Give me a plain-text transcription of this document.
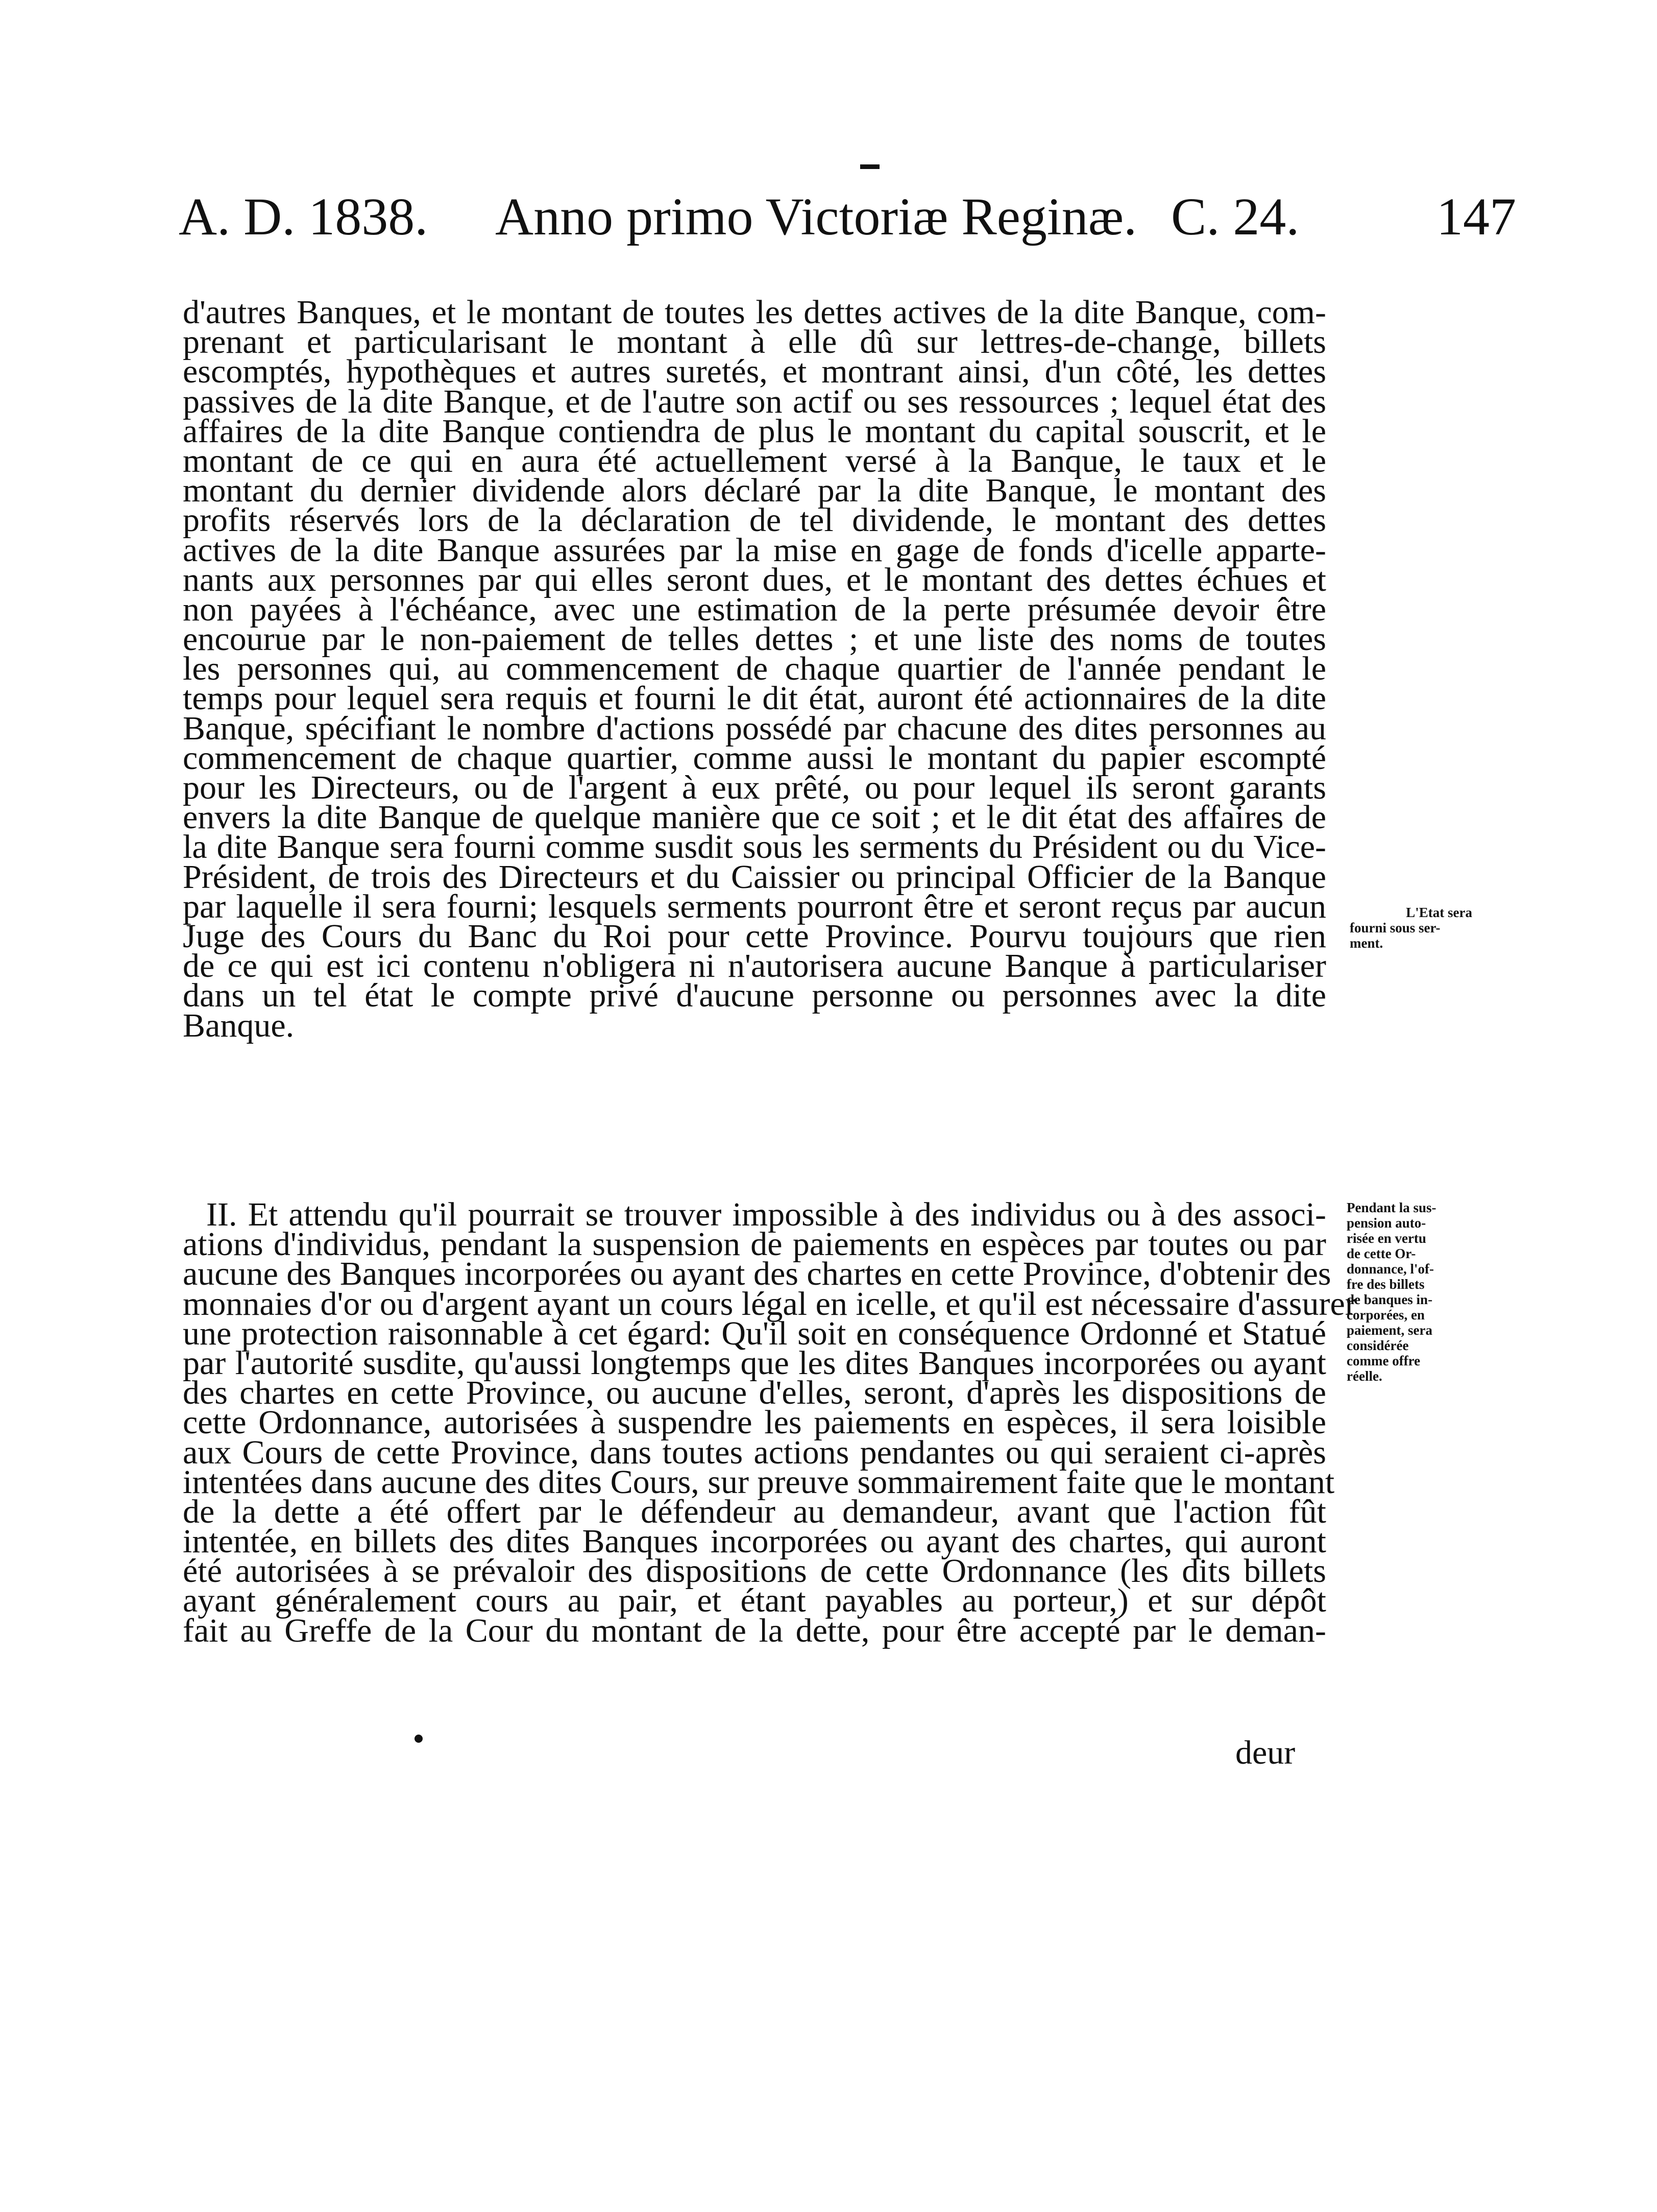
A. D. 1838. Anno primo Victoriæ Reginæ. C. 24.	147
d'autres Banques, et le montant de toutes les dettes actives de la dite Banque, com-
prenant et particularisant le montant à elle dû sur lettres-de-change, billets
escomptés, hypothèques et autres suretés, et montrant ainsi, d'un côté, les dettes
passives de la dite Banque, et de l'autre son actif ou ses ressources ; lequel état des
affaires de la dite Banque contiendra de plus le montant du capital souscrit, et le
montant de ce qui en aura été actuellement versé à la Banque, le taux et le
montant du dernier dividende alors déclaré par la dite Banque, le montant des
profits réservés lors de la déclaration de tel dividende, le montant des dettes
actives de la dite Banque assurées par la mise en gage de fonds d'icelle apparte-
nants aux personnes par qui elles seront dues, et le montant des dettes échues et
non payées à l'échéance, avec une estimation de la perte présumée devoir être
encourue par le non-paiement de telles dettes ; et une liste des noms de toutes
les personnes qui, au commencement de chaque quartier de l'année pendant le
temps pour lequel sera requis et fourni le dit état, auront été actionnaires de la dite
Banque, spécifiant le nombre d'actions possédé par chacune des dites personnes au
commencement de chaque quartier, comme aussi le montant du papier escompté
pour les Directeurs, ou de l'argent à eux prêté, ou pour lequel ils seront garants
envers la dite Banque de quelque manière que ce soit ; et le dit état des affaires de
la dite Banque sera fourni comme susdit sous les serments du Président ou du Vice-
Président, de trois des Directeurs et du Caissier ou principal Officier de la Banque
par laquelle il sera fourni; lesquels serments pourront être et seront reçus par aucun
Juge des Cours du Banc du Roi pour cette Province. Pourvu toujours que rien
de ce qui est ici contenu n'obligera ni n'autorisera aucune Banque à particulariser
dans un tel état le compte privé d'aucune personne ou personnes avec la dite
Banque.
L'Etat sera
fourni sous ser-
ment.
II. Et attendu qu'il pourrait se trouver impossible à des individus ou à des associ-
ations d'individus, pendant la suspension de paiements en espèces par toutes ou par
aucune des Banques incorporées ou ayant des chartes en cette Province, d'obtenir des
monnaies d'or ou d'argent ayant un cours légal en icelle, et qu'il est nécessaire d'assurer
une protection raisonnable à cet égard: Qu'il soit en conséquence Ordonné et Statué
par l'autorité susdite, qu'aussi longtemps que les dites Banques incorporées ou ayant
des chartes en cette Province, ou aucune d'elles, seront, d'après les dispositions de
cette Ordonnance, autorisées à suspendre les paiements en espèces, il sera loisible
aux Cours de cette Province, dans toutes actions pendantes ou qui seraient ci-après
intentées dans aucune des dites Cours, sur preuve sommairement faite que le montant
de la dette a été offert par le défendeur au demandeur, avant que l'action fût
intentée, en billets des dites Banques incorporées ou ayant des chartes, qui auront
été autorisées à se prévaloir des dispositions de cette Ordonnance (les dits billets
ayant généralement cours au pair, et étant payables au porteur,) et sur dépôt
fait au Greffe de la Cour du montant de la dette, pour être accepté par le deman-
Pendant la sus-
pension auto-
risée en vertu
de cette Or-
donnance, l'of-
fre des billets
de banques in-
corporées, en
paiement, sera
considérée
comme offre
réelle.
deur
